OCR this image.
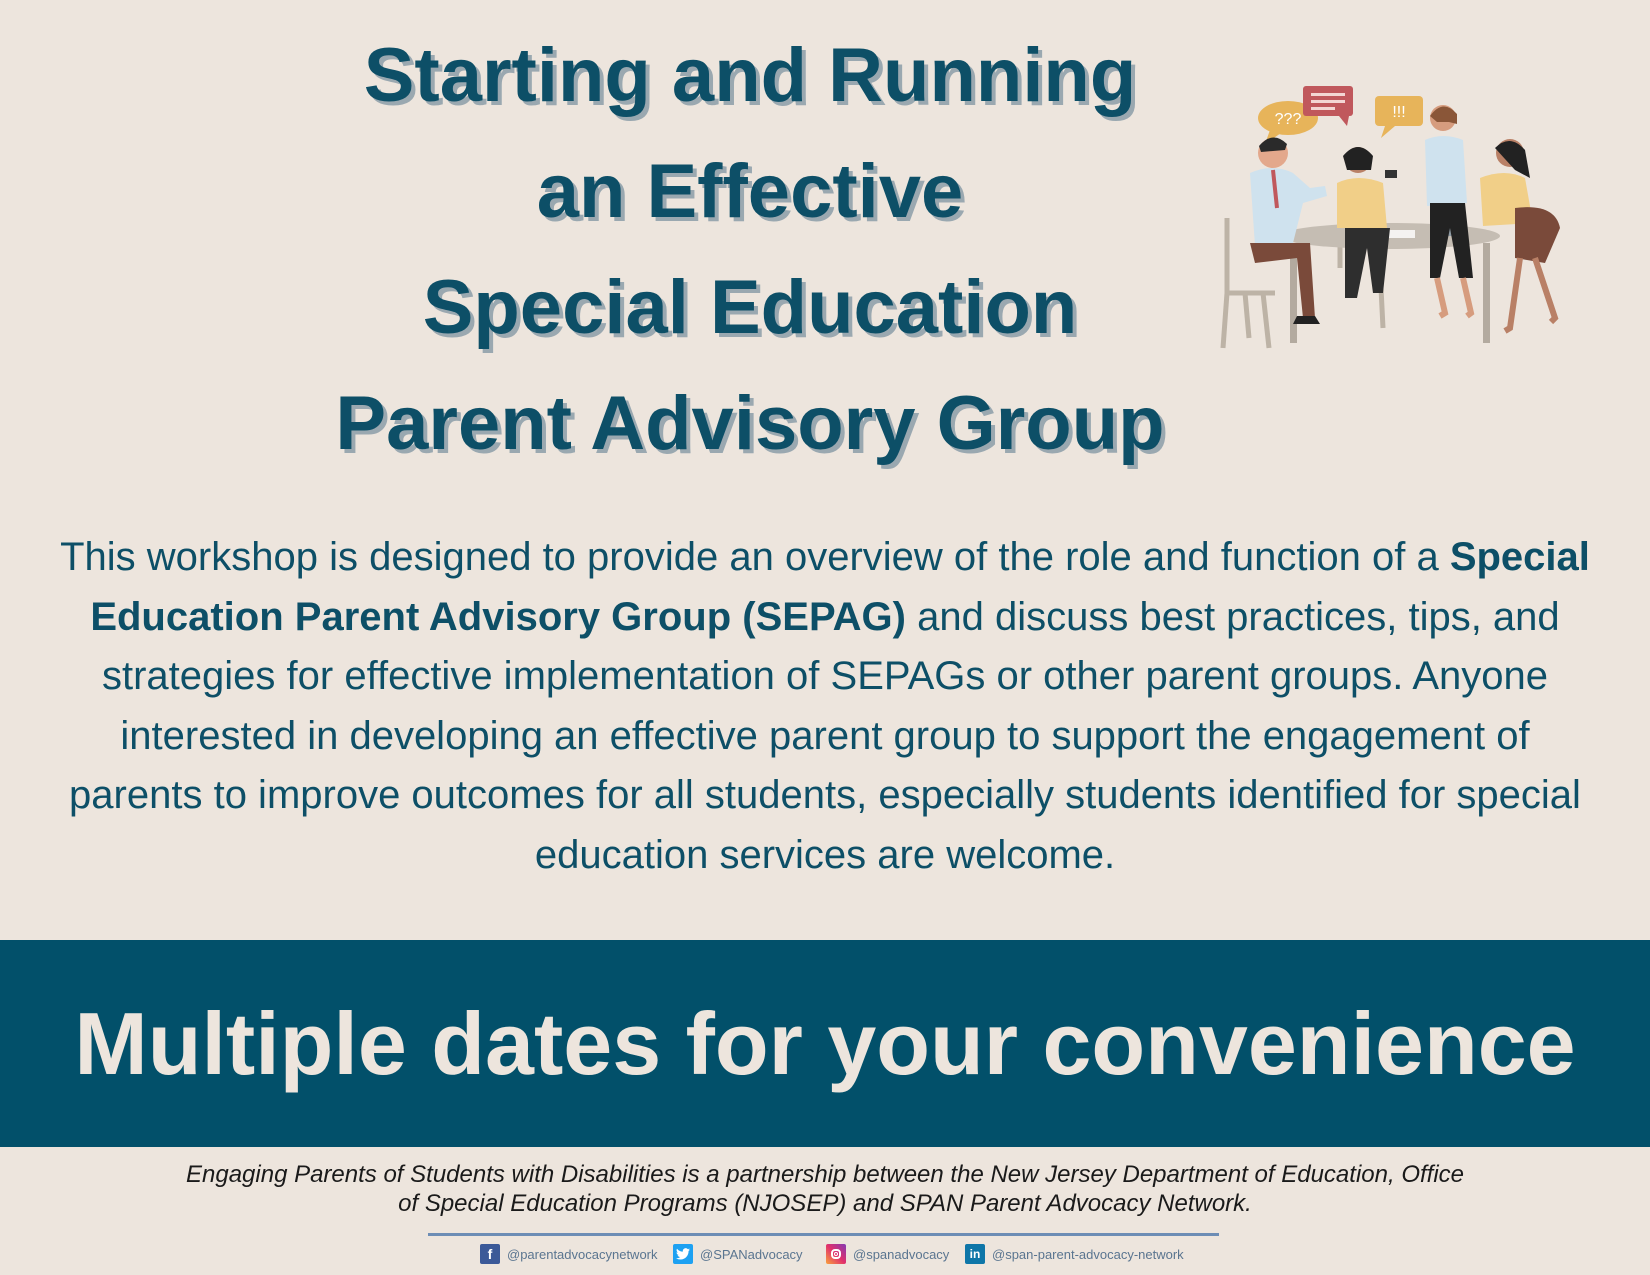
Starting and Running
an Effective
Special Education
Parent Advisory Group
???	!!!
This workshop is designed to provide an overview of the role and function of a Special Education Parent Advisory Group (SEPAG) and discuss best practices, tips, and strategies for effective implementation of SEPAGs or other parent groups. Anyone interested in developing an effective parent group to support the engagement of parents to improve outcomes for all students, especially students identified for special education services are welcome.
Multiple dates for your convenience
Engaging Parents of Students with Disabilities is a partnership between the New Jersey Department of Education, Office of Special Education Programs (NJOSEP) and SPAN Parent Advocacy Network.
f	@parentadvocacynetwork	@SPANadvocacy	@spanadvocacy	in @span-parent-advocacy-network
